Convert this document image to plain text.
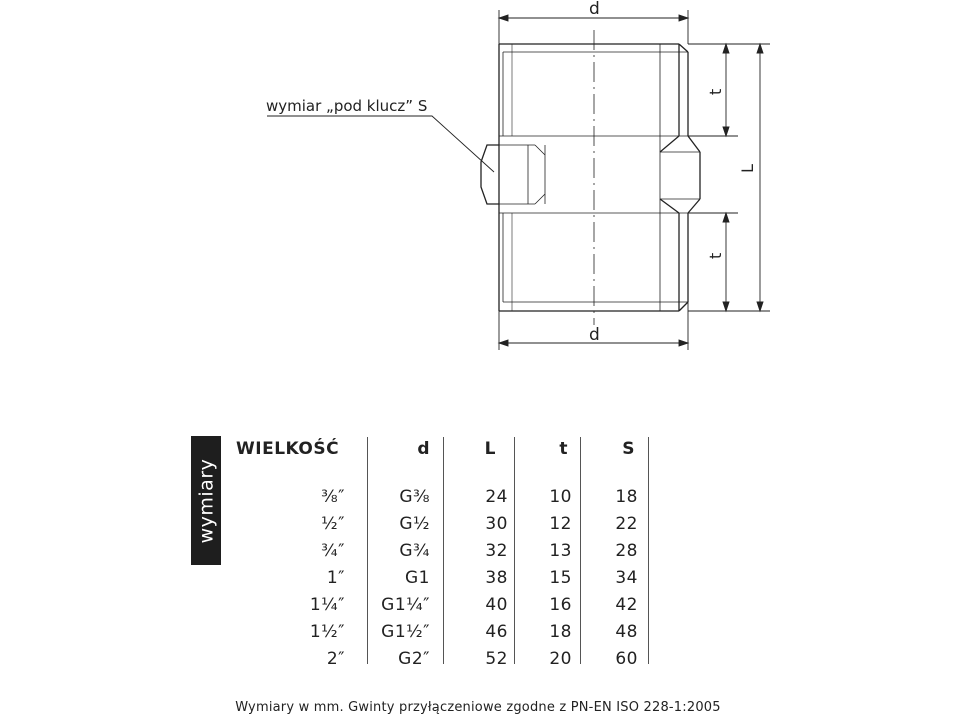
d
d
t
t
L
wymiar „pod klucz” S
wymiary
WIELKOŚĆ	d	L	t	S
⅜″	G⅜	24 10	18
½″	G½	30 12	22
¾″	G¾	32 13	28
1″	G1	38 15	34
1¼″ G1¼″	40 16	42
1½″ G1½″	46 18	48
2″	G2″	52 20	60
Wymiary w mm. Gwinty przyłączeniowe zgodne z PN-EN ISO 228-1:2005
